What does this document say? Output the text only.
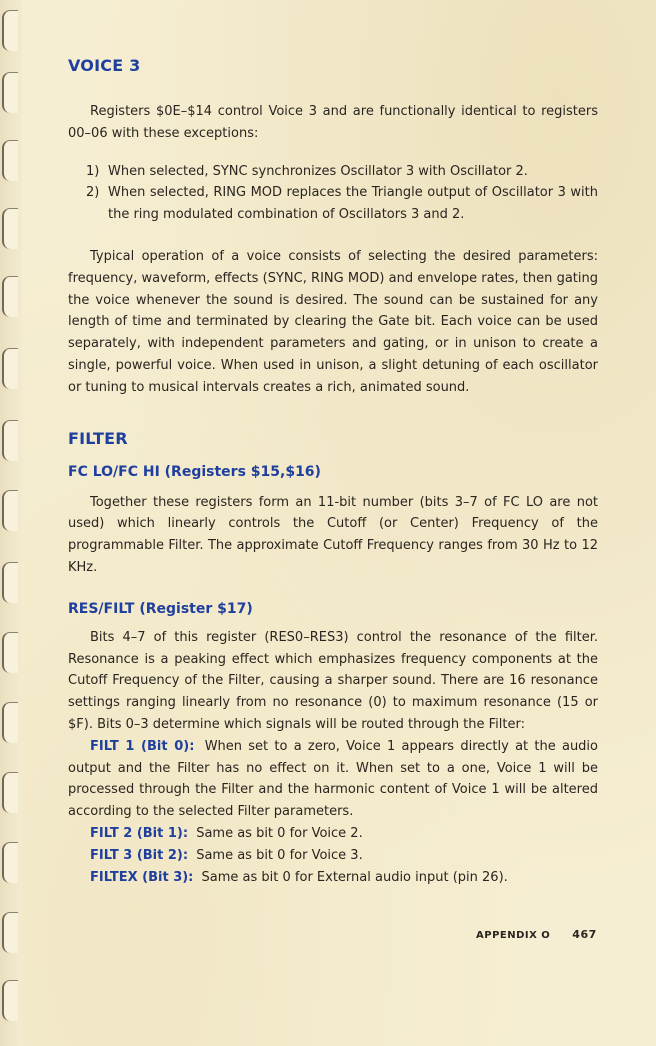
VOICE 3

Registers $0E–$14 control Voice 3 and are functionally identical to registers 00–06 with these exceptions:

1) When selected, SYNC synchronizes Oscillator 3 with Oscillator 2.
2) When selected, RING MOD replaces the Triangle output of Oscillator 3 with the ring modulated combination of Oscillators 3 and 2.

Typical operation of a voice consists of selecting the desired parameters: frequency, waveform, effects (SYNC, RING MOD) and envelope rates, then gating the voice whenever the sound is desired. The sound can be sustained for any length of time and terminated by clearing the Gate bit. Each voice can be used separately, with independent parameters and gating, or in unison to create a single, powerful voice. When used in unison, a slight detuning of each oscillator or tuning to musical intervals creates a rich, animated sound.

FILTER
FC LO/FC HI (Registers $15,$16)

Together these registers form an 11-bit number (bits 3–7 of FC LO are not used) which linearly controls the Cutoff (or Center) Frequency of the programmable Filter. The approximate Cutoff Frequency ranges from 30 Hz to 12 KHz.

RES/FILT (Register $17)

Bits 4–7 of this register (RES0–RES3) control the resonance of the filter. Resonance is a peaking effect which emphasizes frequency components at the Cutoff Frequency of the Filter, causing a sharper sound. There are 16 resonance settings ranging linearly from no resonance (0) to maximum resonance (15 or $F). Bits 0–3 determine which signals will be routed through the Filter:

FILT 1 (Bit 0): When set to a zero, Voice 1 appears directly at the audio output and the Filter has no effect on it. When set to a one, Voice 1 will be processed through the Filter and the harmonic content of Voice 1 will be altered according to the selected Filter parameters.

FILT 2 (Bit 1): Same as bit 0 for Voice 2.

FILT 3 (Bit 2): Same as bit 0 for Voice 3.

FILTEX (Bit 3): Same as bit 0 for External audio input (pin 26).

APPENDIX O 467
